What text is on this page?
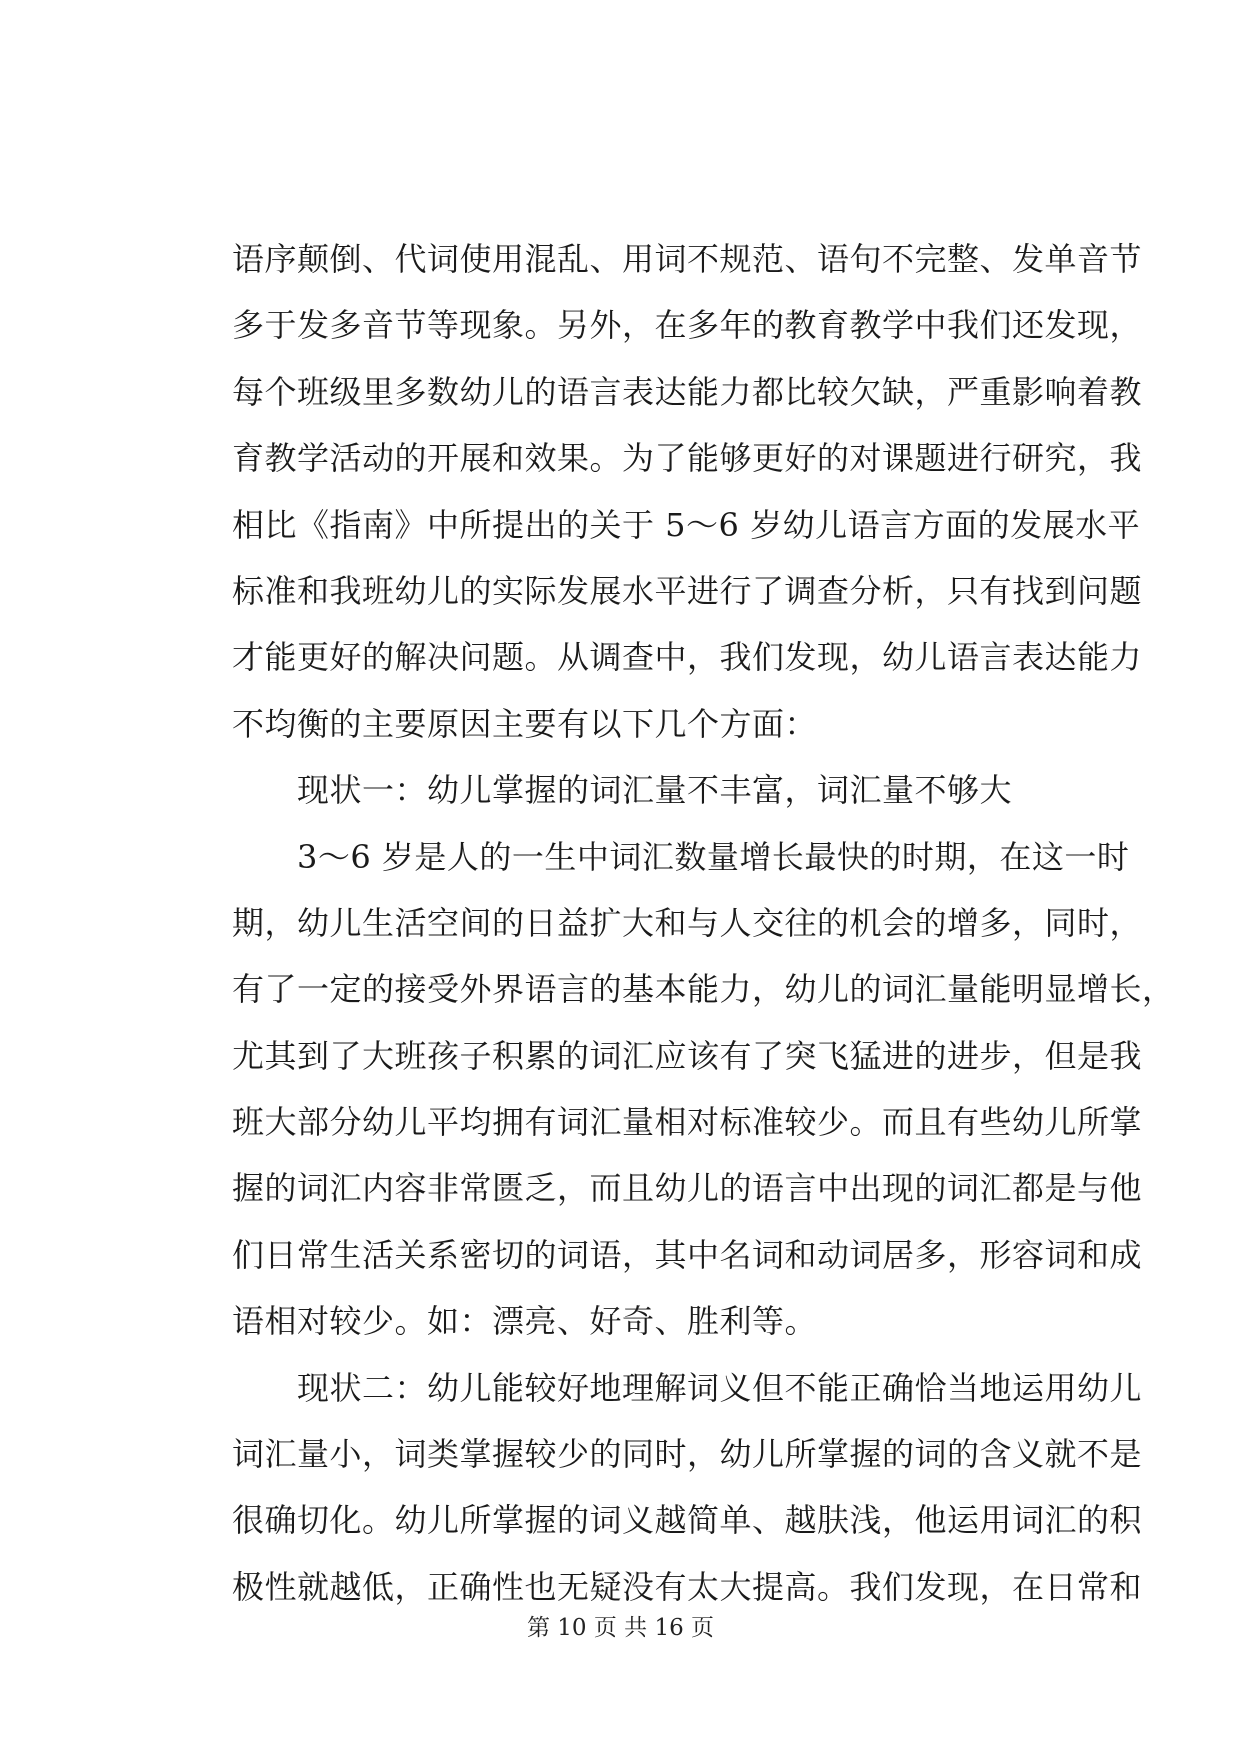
语序颠倒、代词使用混乱、用词不规范、语句不完整、发单音节
多于发多音节等现象。另外，在多年的教育教学中我们还发现，
每个班级里多数幼儿的语言表达能力都比较欠缺，严重影响着教
育教学活动的开展和效果。为了能够更好的对课题进行研究，我
相比《指南》中所提出的关于 5～6 岁幼儿语言方面的发展水平
标准和我班幼儿的实际发展水平进行了调查分析，只有找到问题
才能更好的解决问题。从调查中，我们发现，幼儿语言表达能力
不均衡的主要原因主要有以下几个方面：
　　现状一：幼儿掌握的词汇量不丰富，词汇量不够大
　　3～6 岁是人的一生中词汇数量增长最快的时期，在这一时
期，幼儿生活空间的日益扩大和与人交往的机会的增多，同时，
有了一定的接受外界语言的基本能力，幼儿的词汇量能明显增长，
尤其到了大班孩子积累的词汇应该有了突飞猛进的进步，但是我
班大部分幼儿平均拥有词汇量相对标准较少。而且有些幼儿所掌
握的词汇内容非常匮乏，而且幼儿的语言中出现的词汇都是与他
们日常生活关系密切的词语，其中名词和动词居多，形容词和成
语相对较少。如：漂亮、好奇、胜利等。
　　现状二：幼儿能较好地理解词义但不能正确恰当地运用幼儿
词汇量小，词类掌握较少的同时，幼儿所掌握的词的含义就不是
很确切化。幼儿所掌握的词义越简单、越肤浅，他运用词汇的积
极性就越低，正确性也无疑没有太大提高。我们发现，在日常和
第 10 页 共 16 页
